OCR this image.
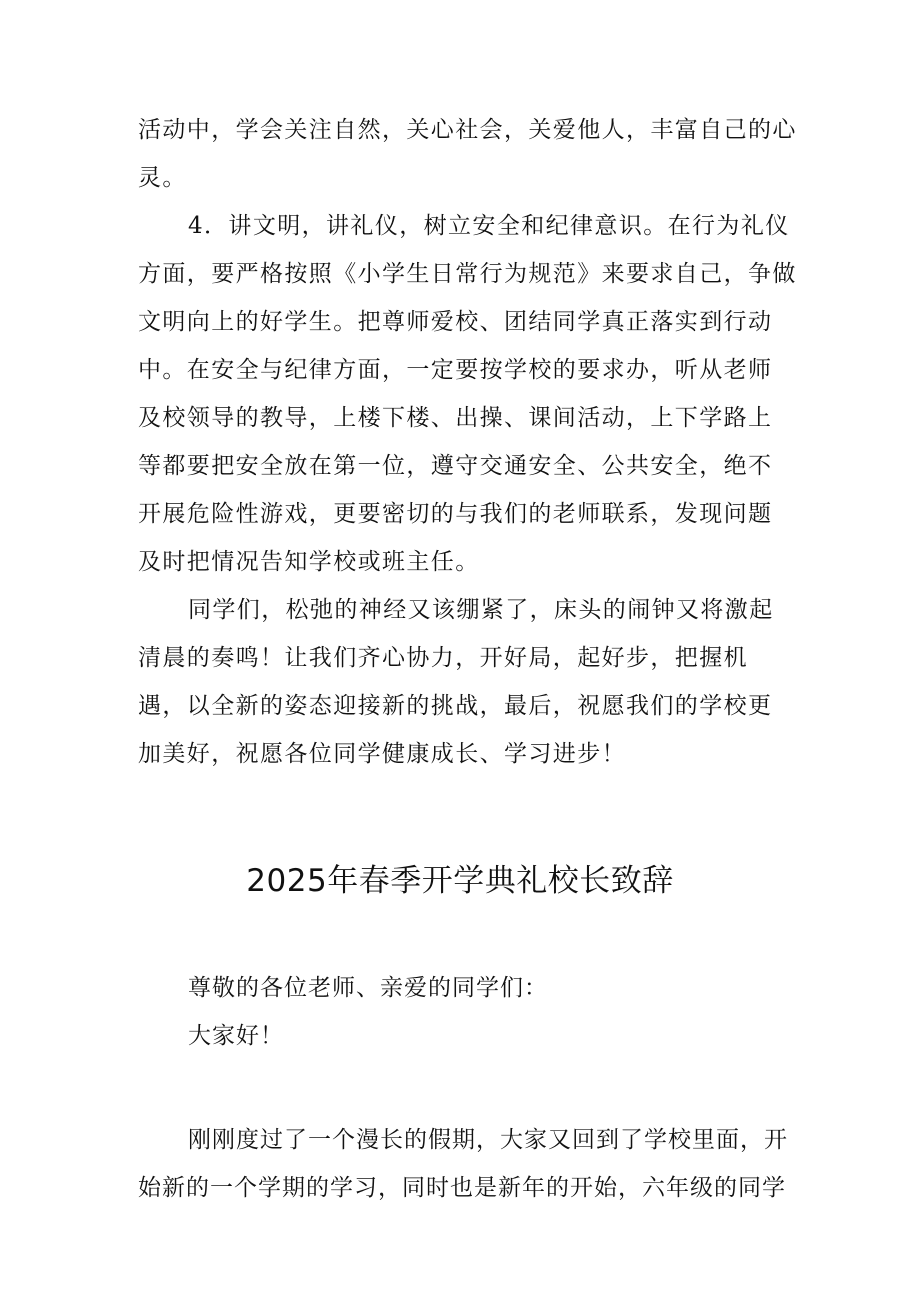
活动中，学会关注自然，关心社会，关爱他人，丰富自己的心
灵。
4．讲文明，讲礼仪，树立安全和纪律意识。在行为礼仪
方面，要严格按照《小学生日常行为规范》来要求自己，争做
文明向上的好学生。把尊师爱校、团结同学真正落实到行动
中。在安全与纪律方面，一定要按学校的要求办，听从老师
及校领导的教导，上楼下楼、出操、课间活动，上下学路上
等都要把安全放在第一位，遵守交通安全、公共安全，绝不
开展危险性游戏，更要密切的与我们的老师联系，发现问题
及时把情况告知学校或班主任。
同学们，松弛的神经又该绷紧了，床头的闹钟又将激起
清晨的奏鸣！让我们齐心协力，开好局，起好步，把握机
遇，以全新的姿态迎接新的挑战，最后，祝愿我们的学校更
加美好，祝愿各位同学健康成长、学习进步！
2025年春季开学典礼校长致辞
尊敬的各位老师、亲爱的同学们：
大家好！
刚刚度过了一个漫长的假期，大家又回到了学校里面，开
始新的一个学期的学习，同时也是新年的开始，六年级的同学
